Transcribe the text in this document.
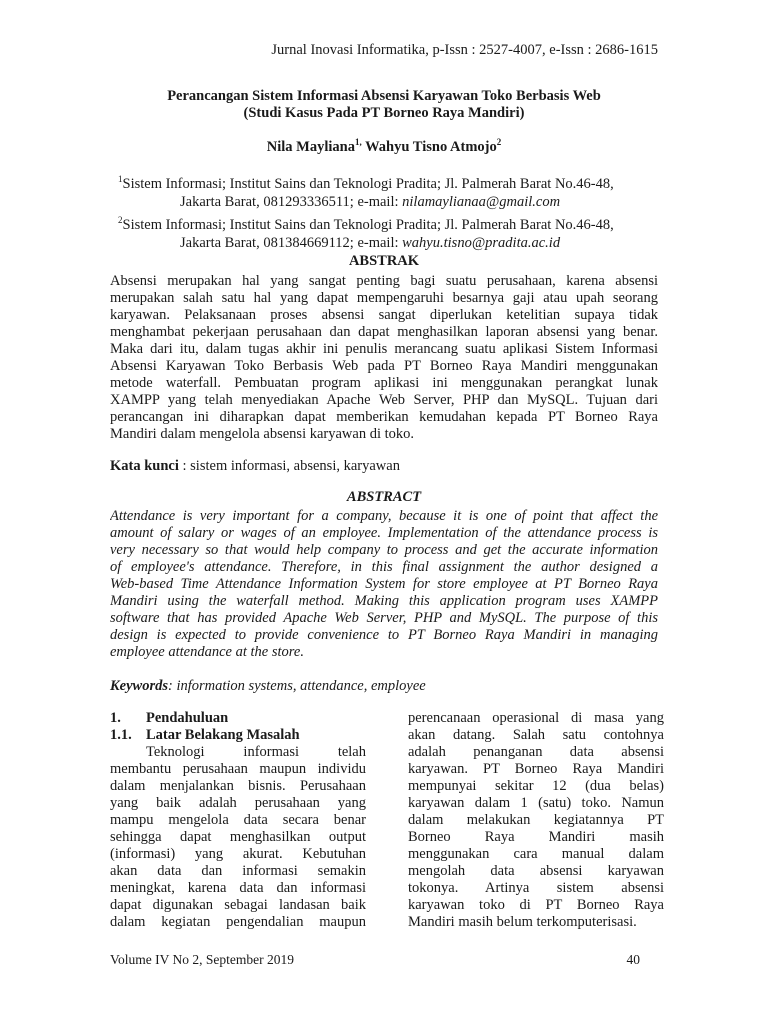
Jurnal Inovasi Informatika, p-Issn : 2527-4007, e-Issn : 2686-1615
Perancangan Sistem Informasi Absensi Karyawan Toko Berbasis Web
(Studi Kasus Pada PT Borneo Raya Mandiri)
Nila Mayliana$^{1,}$ Wahyu Tisno Atmojo$^2$
$^1$Sistem Informasi; Institut Sains dan Teknologi Pradita; Jl. Palmerah Barat No.46-48,
Jakarta Barat, 081293336511; e-mail: nilamaylianaa@gmail.com
$^2$Sistem Informasi; Institut Sains dan Teknologi Pradita; Jl. Palmerah Barat No.46-48,
Jakarta Barat, 081384669112; e-mail: wahyu.tisno@pradita.ac.id
ABSTRAK
Absensi merupakan hal yang sangat penting bagi suatu perusahaan, karena absensi
merupakan salah satu hal yang dapat mempengaruhi besarnya gaji atau upah seorang
karyawan. Pelaksanaan proses absensi sangat diperlukan ketelitian supaya tidak
menghambat pekerjaan perusahaan dan dapat menghasilkan laporan absensi yang benar.
Maka dari itu, dalam tugas akhir ini penulis merancang suatu aplikasi Sistem Informasi
Absensi Karyawan Toko Berbasis Web pada PT Borneo Raya Mandiri menggunakan
metode waterfall. Pembuatan program aplikasi ini menggunakan perangkat lunak
XAMPP yang telah menyediakan Apache Web Server, PHP dan MySQL. Tujuan dari
perancangan ini diharapkan dapat memberikan kemudahan kepada PT Borneo Raya
Mandiri dalam mengelola absensi karyawan di toko.
Kata kunci : sistem informasi, absensi, karyawan
ABSTRACT
Attendance is very important for a company, because it is one of point that affect the
amount of salary or wages of an employee. Implementation of the attendance process is
very necessary so that would help company to process and get the accurate information
of employee's attendance. Therefore, in this final assignment the author designed a
Web-based Time Attendance Information System for store employee at PT Borneo Raya
Mandiri using the waterfall method. Making this application program uses XAMPP
software that has provided Apache Web Server, PHP and MySQL. The purpose of this
design is expected to provide convenience to PT Borneo Raya Mandiri in managing
employee attendance at the store.
Keywords: information systems, attendance, employee
1. Pendahuluan
1.1. Latar Belakang Masalah
Teknologi informasi telah
membantu perusahaan maupun individu
dalam menjalankan bisnis. Perusahaan
yang baik adalah perusahaan yang
mampu mengelola data secara benar
sehingga dapat menghasilkan output
(informasi) yang akurat. Kebutuhan
akan data dan informasi semakin
meningkat, karena data dan informasi
dapat digunakan sebagai landasan baik
dalam kegiatan pengendalian maupun
perencanaan operasional di masa yang
akan datang. Salah satu contohnya
adalah penanganan data absensi
karyawan. PT Borneo Raya Mandiri
mempunyai sekitar 12 (dua belas)
karyawan dalam 1 (satu) toko. Namun
dalam melakukan kegiatannya PT
Borneo Raya Mandiri masih
menggunakan cara manual dalam
mengolah data absensi karyawan
tokonya. Artinya sistem absensi
karyawan toko di PT Borneo Raya
Mandiri masih belum terkomputerisasi.
Volume IV No 2, September 2019	40
